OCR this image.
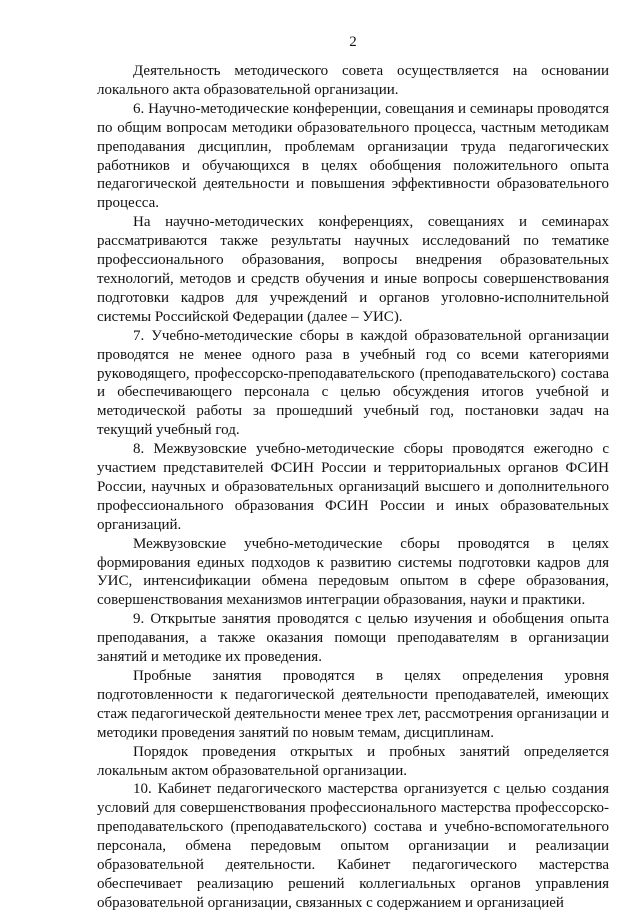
2

Деятельность методического совета осуществляется на основании локального акта образовательной организации.

6. Научно-методические конференции, совещания и семинары проводятся по общим вопросам методики образовательного процесса, частным методикам преподавания дисциплин, проблемам организации труда педагогических работников и обучающихся в целях обобщения положительного опыта педагогической деятельности и повышения эффективности образовательного процесса.

На научно-методических конференциях, совещаниях и семинарах рассматриваются также результаты научных исследований по тематике профессионального образования, вопросы внедрения образовательных технологий, методов и средств обучения и иные вопросы совершенствования подготовки кадров для учреждений и органов уголовно-исполнительной системы Российской Федерации (далее – УИС).

7. Учебно-методические сборы в каждой образовательной организации проводятся не менее одного раза в учебный год со всеми категориями руководящего, профессорско-преподавательского (преподавательского) состава и обеспечивающего персонала с целью обсуждения итогов учебной и методической работы за прошедший учебный год, постановки задач на текущий учебный год.

8. Межвузовские учебно-методические сборы проводятся ежегодно с участием представителей ФСИН России и территориальных органов ФСИН России, научных и образовательных организаций высшего и дополнительного профессионального образования ФСИН России и иных образовательных организаций.

Межвузовские учебно-методические сборы проводятся в целях формирования единых подходов к развитию системы подготовки кадров для УИС, интенсификации обмена передовым опытом в сфере образования, совершенствования механизмов интеграции образования, науки и практики.

9. Открытые занятия проводятся с целью изучения и обобщения опыта преподавания, а также оказания помощи преподавателям в организации занятий и методике их проведения.

Пробные занятия проводятся в целях определения уровня подготовленности к педагогической деятельности преподавателей, имеющих стаж педагогической деятельности менее трех лет, рассмотрения организации и методики проведения занятий по новым темам, дисциплинам.

Порядок проведения открытых и пробных занятий определяется локальным актом образовательной организации.

10. Кабинет педагогического мастерства организуется с целью создания условий для совершенствования профессионального мастерства профессорско-преподавательского (преподавательского) состава и учебно-вспомогательного персонала, обмена передовым опытом организации и реализации образовательной деятельности. Кабинет педагогического мастерства обеспечивает реализацию решений коллегиальных органов управления образовательной организации, связанных с содержанием и организацией
